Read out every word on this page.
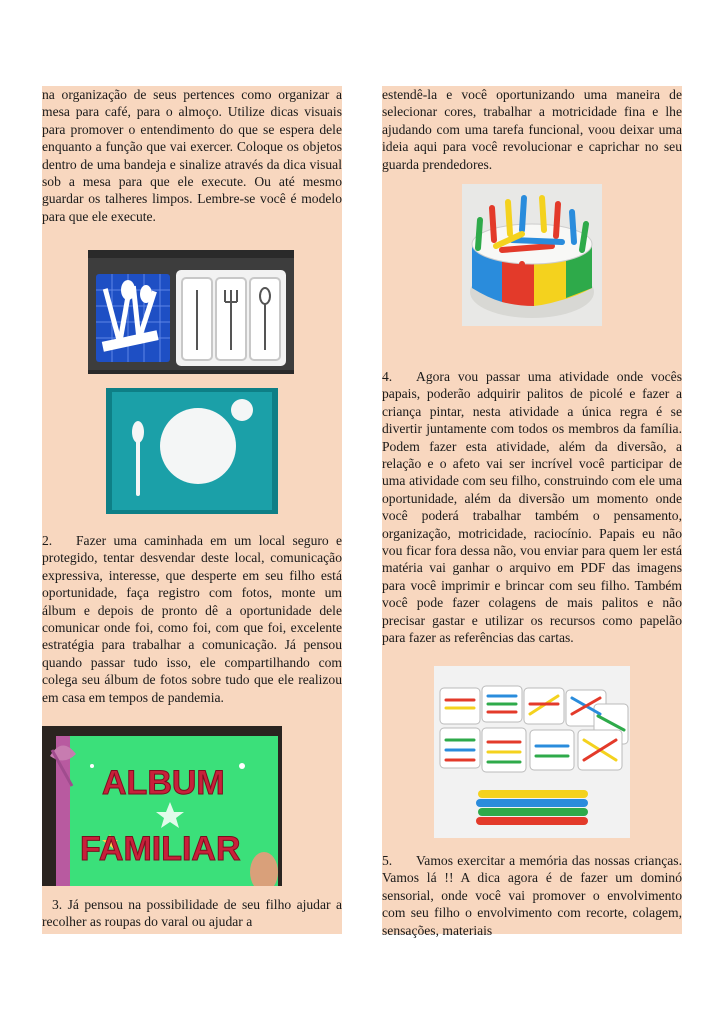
na organização de seus pertences como organizar a mesa para café, para o almoço. Utilize dicas visuais para promover o entendimento do que se espera dele enquanto a função que vai exercer. Coloque os objetos dentro de uma bandeja e sinalize através da dica visual sob a mesa para que ele execute. Ou até mesmo guardar os talheres limpos. Lembre-se você é modelo para que ele execute.

2. Fazer uma caminhada em um local seguro e protegido, tentar desvendar deste local, comunicação expressiva, interesse, que desperte em seu filho está oportunidade, faça registro com fotos, monte um álbum e depois de pronto dê a oportunidade dele comunicar onde foi, como foi, com que foi, excelente estratégia para trabalhar a comunicação. Já pensou quando passar tudo isso, ele compartilhando com colega seu álbum de fotos sobre tudo que ele realizou em casa em tempos de pandemia.

ALBUM
FAMILIAR

3. Já pensou na possibilidade de seu filho ajudar a recolher as roupas do varal ou ajudar a

estendê-la e você oportunizando uma maneira de selecionar cores, trabalhar a motricidade fina e lhe ajudando com uma tarefa funcional, voou deixar uma ideia aqui para você revolucionar e caprichar no seu guarda prendedores.

4. Agora vou passar uma atividade onde vocês papais, poderão adquirir palitos de picolé e fazer a criança pintar, nesta atividade a única regra é se divertir juntamente com todos os membros da família. Podem fazer esta atividade, além da diversão, a relação e o afeto vai ser incrível você participar de uma atividade com seu filho, construindo com ele uma oportunidade, além da diversão um momento onde você poderá trabalhar também o pensamento, organização, motricidade, raciocínio. Papais eu não vou ficar fora dessa não, vou enviar para quem ler está matéria vai ganhar o arquivo em PDF das imagens para você imprimir e brincar com seu filho. Também você pode fazer colagens de mais palitos e não precisar gastar e utilizar os recursos como papelão para fazer as referências das cartas.

5. Vamos exercitar a memória das nossas crianças. Vamos lá !! A dica agora é de fazer um dominó sensorial, onde você vai promover o envolvimento com seu filho o envolvimento com recorte, colagem, sensações, materiais
